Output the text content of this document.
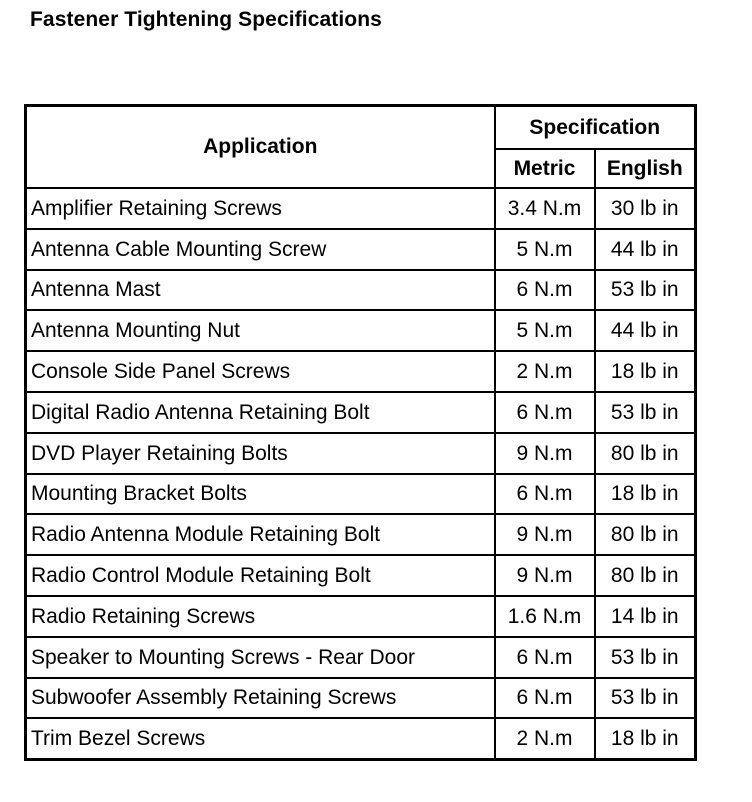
Fastener Tightening Specifications
Application	Specification	
	Metric	English
Amplifier Retaining Screws	3.4 N.m	30 lb in
Antenna Cable Mounting Screw	5 N.m	44 lb in
Antenna Mast	6 N.m	53 lb in
Antenna Mounting Nut	5 N.m	44 lb in
Console Side Panel Screws	2 N.m	18 lb in
Digital Radio Antenna Retaining Bolt	6 N.m	53 lb in
DVD Player Retaining Bolts	9 N.m	80 lb in
Mounting Bracket Bolts	6 N.m	18 lb in
Radio Antenna Module Retaining Bolt	9 N.m	80 lb in
Radio Control Module Retaining Bolt	9 N.m	80 lb in
Radio Retaining Screws	1.6 N.m	14 lb in
Speaker to Mounting Screws - Rear Door	6 N.m	53 lb in
Subwoofer Assembly Retaining Screws	6 N.m	53 lb in
Trim Bezel Screws	2 N.m	18 lb in
